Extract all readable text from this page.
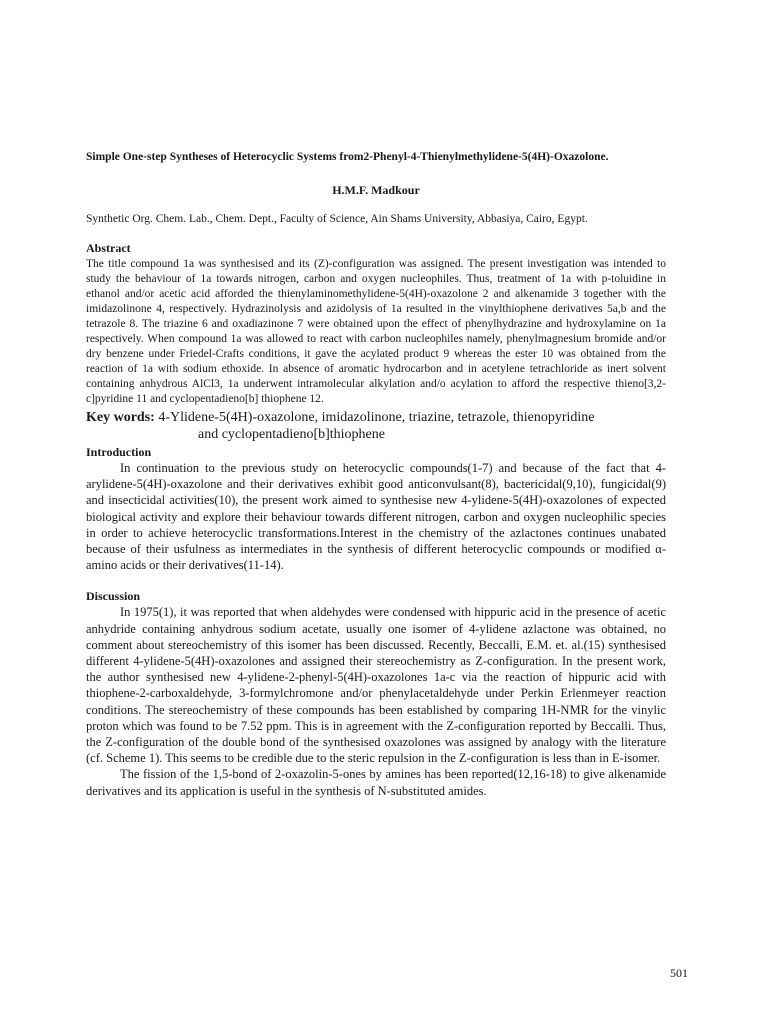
Simple One-step Syntheses of Heterocyclic Systems from2-Phenyl-4-Thienylmethylidene-5(4H)-Oxazolone.

H.M.F. Madkour

Synthetic Org. Chem. Lab., Chem. Dept., Faculty of Science, Ain Shams University, Abbasiya, Cairo, Egypt.

Abstract

The title compound 1a was synthesised and its (Z)-configuration was assigned. The present investigation was intended to study the behaviour of 1a towards nitrogen, carbon and oxygen nucleophiles. Thus, treatment of 1a with p-toluidine in ethanol and/or acetic acid afforded the thienylaminomethylidene-5(4H)-oxazolone 2 and alkenamide 3 together with the imidazolinone 4, respectively. Hydrazinolysis and azidolysis of 1a resulted in the vinylthiophene derivatives 5a,b and the tetrazole 8. The triazine 6 and oxadiazinone 7 were obtained upon the effect of phenylhydrazine and hydroxylamine on 1a respectively. When compound 1a was allowed to react with carbon nucleophiles namely, phenylmagnesium bromide and/or dry benzene under Friedel-Crafts conditions, it gave the acylated product 9 whereas the ester 10 was obtained from the reaction of 1a with sodium ethoxide. In absence of aromatic hydrocarbon and in acetylene tetrachloride as inert solvent containing anhydrous AlCl3, 1a underwent intramolecular alkylation and/o acylation to afford the respective thieno[3,2-c]pyridine 11 and cyclopentadieno[b] thiophene 12.

Key words: 4-Ylidene-5(4H)-oxazolone, imidazolinone, triazine, tetrazole, thienopyridine
and cyclopentadieno[b]thiophene

Introduction

In continuation to the previous study on heterocyclic compounds(1-7) and because of the fact that 4-arylidene-5(4H)-oxazolone and their derivatives exhibit good anticonvulsant(8), bactericidal(9,10), fungicidal(9) and insecticidal activities(10), the present work aimed to synthesise new 4-ylidene-5(4H)-oxazolones of expected biological activity and explore their behaviour towards different nitrogen, carbon and oxygen nucleophilic species in order to achieve heterocyclic transformations.Interest in the chemistry of the azlactones continues unabated because of their usfulness as intermediates in the synthesis of different heterocyclic compounds or modified α-amino acids or their derivatives(11-14).

Discussion

In 1975(1), it was reported that when aldehydes were condensed with hippuric acid in the presence of acetic anhydride containing anhydrous sodium acetate, usually one isomer of 4-ylidene azlactone was obtained, no comment about stereochemistry of this isomer has been discussed. Recently, Beccalli, E.M. et. al.(15) synthesised different 4-ylidene-5(4H)-oxazolones and assigned their stereochemistry as Z-configuration. In the present work, the author synthesised new 4-ylidene-2-phenyl-5(4H)-oxazolones 1a-c via the reaction of hippuric acid with thiophene-2-carboxaldehyde, 3-formylchromone and/or phenylacetaldehyde under Perkin Erlenmeyer reaction conditions. The stereochemistry of these compounds has been established by comparing 1H-NMR for the vinylic proton which was found to be 7.52 ppm. This is in agreement with the Z-configuration reported by Beccalli. Thus, the Z-configuration of the double bond of the synthesised oxazolones was assigned by analogy with the literature (cf. Scheme 1). This seems to be credible due to the steric repulsion in the Z-configuration is less than in E-isomer.

The fission of the 1,5-bond of 2-oxazolin-5-ones by amines has been reported(12,16-18) to give alkenamide derivatives and its application is useful in the synthesis of N-substituted amides.

501
